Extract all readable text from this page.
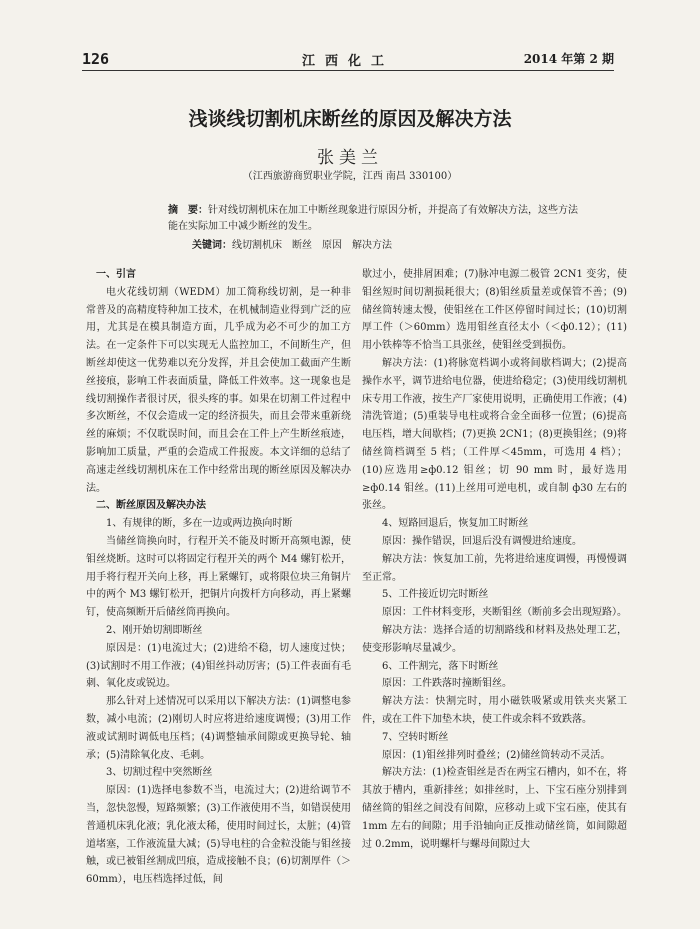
126	江西化工	2014 年第 2 期
浅谈线切割机床断丝的原因及解决方法
张美兰
（江西旅游商贸职业学院，江西 南昌 330100）
摘　要：针对线切割机床在加工中断丝现象进行原因分析，并提高了有效解决方法，这些方法能在实际加工中减少断丝的发生。
关键词：线切割机床　断丝　原因　解决方法
一、引言

电火花线切割（WEDM）加工简称线切割，是一种非常普及的高精度特种加工技术，在机械制造业得到广泛的应用，尤其是在模具制造方面，几乎成为必不可少的加工方法。在一定条件下可以实现无人监控加工，不间断生产，但断丝却使这一优势难以充分发挥，并且会使加工截面产生断丝接痕，影响工件表面质量，降低工件效率。这一现象也是线切割操作者很讨厌，很头疼的事。如果在切割工件过程中多次断丝，不仅会造成一定的经济损失，而且会带来重新绕丝的麻烦；不仅耽误时间，而且会在工件上产生断丝痕迹，影响加工质量，严重的会造成工件报废。本文详细的总结了高速走丝线切割机床在工作中经常出现的断丝原因及解决办法。

二、断丝原因及解决办法
1、有规律的断，多在一边或两边换向时断

当储丝筒换向时，行程开关不能及时断开高频电源，使钼丝烧断。这时可以将固定行程开关的两个 M4 螺钉松开，用手将行程开关向上移，再上紧螺钉，或将限位块三角铜片中的两个 M3 螺钉松开，把铜片向拨杆方向移动，再上紧螺钉，使高频断开后储丝筒再换向。

2、刚开始切割即断丝

原因是：(1)电流过大；(2)进给不稳，切人速度过快；(3)试割时不用工作液；(4)钼丝抖动厉害；(5)工件表面有毛刺、氧化皮或锐边。

那么针对上述情况可以采用以下解决方法：(1)调整电参数，减小电流；(2)刚切人时应将进给速度调慢；(3)用工作液或试割时调低电压档；(4)调整轴承间隙或更换导轮、轴承；(5)清除氧化皮、毛刺。

3、切割过程中突然断丝

原因：(1)选择电参数不当，电流过大；(2)进给调节不当，忽快忽慢，短路频繁；(3)工作液使用不当，如错误使用普通机床乳化液；乳化液太稀，使用时间过长，太脏；(4)管道堵塞，工作液流量大减；(5)导电柱的合金粒没能与钼丝接触，或已被钼丝割成凹痕，造成接触不良；(6)切割厚件（＞60mm），电压档选择过低，间

歇过小，使排屑困难；(7)脉冲电源二极管 2CN1 变劣，使钼丝短时间切割损耗很大；(8)钼丝质量差或保管不善；(9)储丝筒转速太慢，使钼丝在工件区停留时间过长；(10)切割厚工件（＞60mm）选用钼丝直径太小（＜ф0.12）；(11)用小铁棒等不恰当工具张丝，使钼丝受到损伤。

解决方法：(1)将脉宽档调小或将间歇档调大；(2)提高操作水平，调节进给电位器，使进给稳定；(3)使用线切割机床专用工作液，按生产厂家使用说明，正确使用工作液；(4)清洗管道；(5)重装导电柱或将合金全面移一位置；(6)提高电压档，增大间歇档；(7)更换 2CN1；(8)更换钼丝；(9)将储丝筒档调至 5 档；（工件厚＜45mm，可选用 4 档）；(10)应选用≥ф0.12 钼丝；切 90 mm 时，最好选用≥ф0.14 钼丝。(11)上丝用可逆电机，或自制 ф30 左右的张丝。

4、短路回退后，恢复加工时断丝

原因：操作错误，回退后没有调慢进给速度。

解决方法：恢复加工前，先将进给速度调慢，再慢慢调至正常。

5、工件接近切完时断丝

原因：工件材料变形，夹断钼丝（断前多会出现短路）。

解决方法：选择合适的切割路线和材料及热处理工艺，使变形影响尽量减少。

6、工件割完，落下时断丝

原因：工件跌落时撞断钼丝。

解决方法：快割完时，用小磁铁吸紧或用铁夹夹紧工件，或在工件下加垫木块，使工件或余料不致跌落。

7、空转时断丝

原因：(1)钼丝排列时叠丝；(2)储丝筒转动不灵活。

解决方法：(1)检查钼丝是否在两宝石槽内，如不在，将其放于槽内，重新排丝；如排丝时，上、下宝石座分别排到储丝筒的钼丝之间没有间隙，应移动上或下宝石座，使其有 1mm 左右的间隙；用手沿轴向正反推动储丝筒，如间隙超过 0.2mm，说明螺杆与螺母间隙过大
